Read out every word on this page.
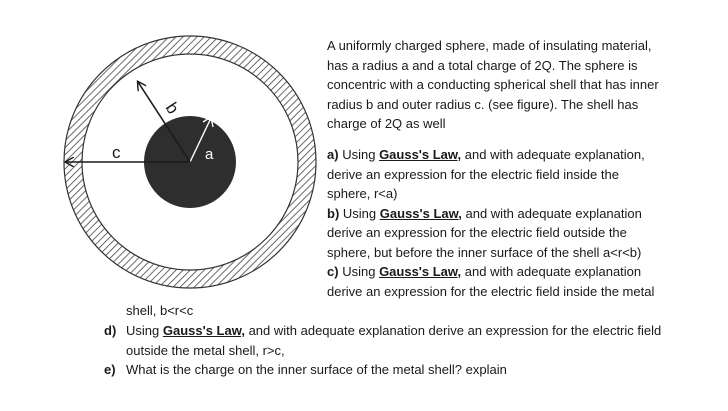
b
c	a
A uniformly charged sphere, made of insulating material,
has a radius a and a total charge of 2Q. The sphere is
concentric with a conducting spherical shell that has inner
radius b and outer radius c. (see figure). The shell has
charge of 2Q as well
a) Using Gauss's Law, and with adequate explanation,
derive an expression for the electric field inside the
sphere, r<a)
b) Using Gauss's Law, and with adequate explanation
derive an expression for the electric field outside the
sphere, but before the inner surface of the shell a<r<b)
c) Using Gauss's Law, and with adequate explanation
derive an expression for the electric field inside the metal
shell, b<r<c
d) Using Gauss's Law, and with adequate explanation derive an expression for the electric field
outside the metal shell, r>c,
e) What is the charge on the inner surface of the metal shell? explain
